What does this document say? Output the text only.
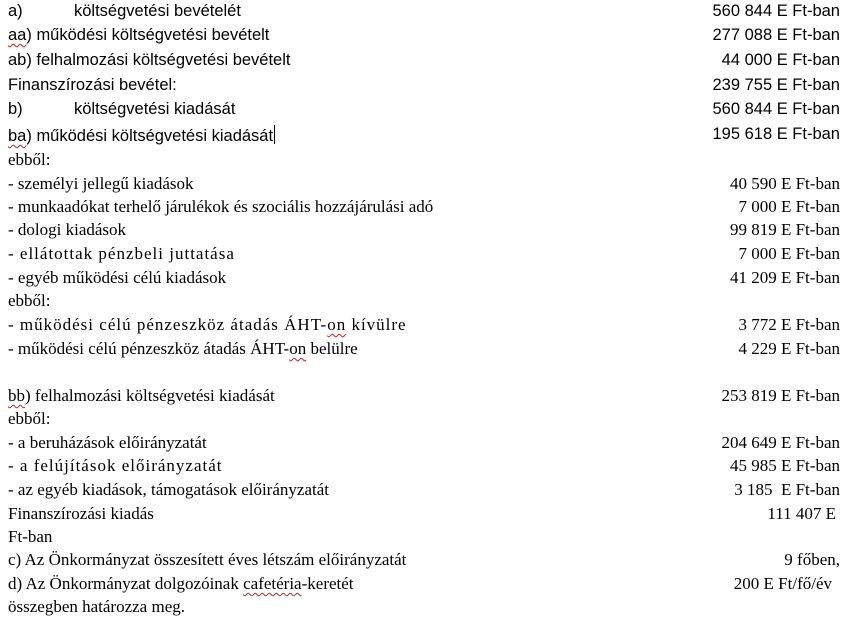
a)	költségvetési bevételét	560 844 E Ft-ban
aa) működési költségvetési bevételt	277 088 E Ft-ban
ab) felhalmozási költségvetési bevételt	44 000 E Ft-ban
Finanszírozási bevétel:	239 755 E Ft-ban
b)	költségvetési kiadását	560 844 E Ft-ban
ba) működési költségvetési kiadását	195 618 E Ft-ban
ebből:
- személyi jellegű kiadások	40 590 E Ft-ban
- munkaadókat terhelő járulékok és szociális hozzájárulási adó	7 000 E Ft-ban
- dologi kiadások	99 819 E Ft-ban
- ellátottak pénzbeli juttatása	7 000 E Ft-ban
- egyéb működési célú kiadások	41 209 E Ft-ban
ebből:
- működési célú pénzeszköz átadás ÁHT-on kívülre	3 772 E Ft-ban
- működési célú pénzeszköz átadás ÁHT-on belülre	4 229 E Ft-ban
bb) felhalmozási költségvetési kiadását	253 819 E Ft-ban
ebből:
- a beruházások előirányzatát	204 649 E Ft-ban
- a felújítások előirányzatát	45 985 E Ft-ban
- az egyéb kiadások, támogatások előirányzatát	3 185  E Ft-ban
Finanszírozási kiadás	111 407 E
Ft-ban
c) Az Önkormányzat összesített éves létszám előirányzatát	9 főben,
d) Az Önkormányzat dolgozóinak cafetéria-keretét	200 E Ft/fő/év
összegben határozza meg.
